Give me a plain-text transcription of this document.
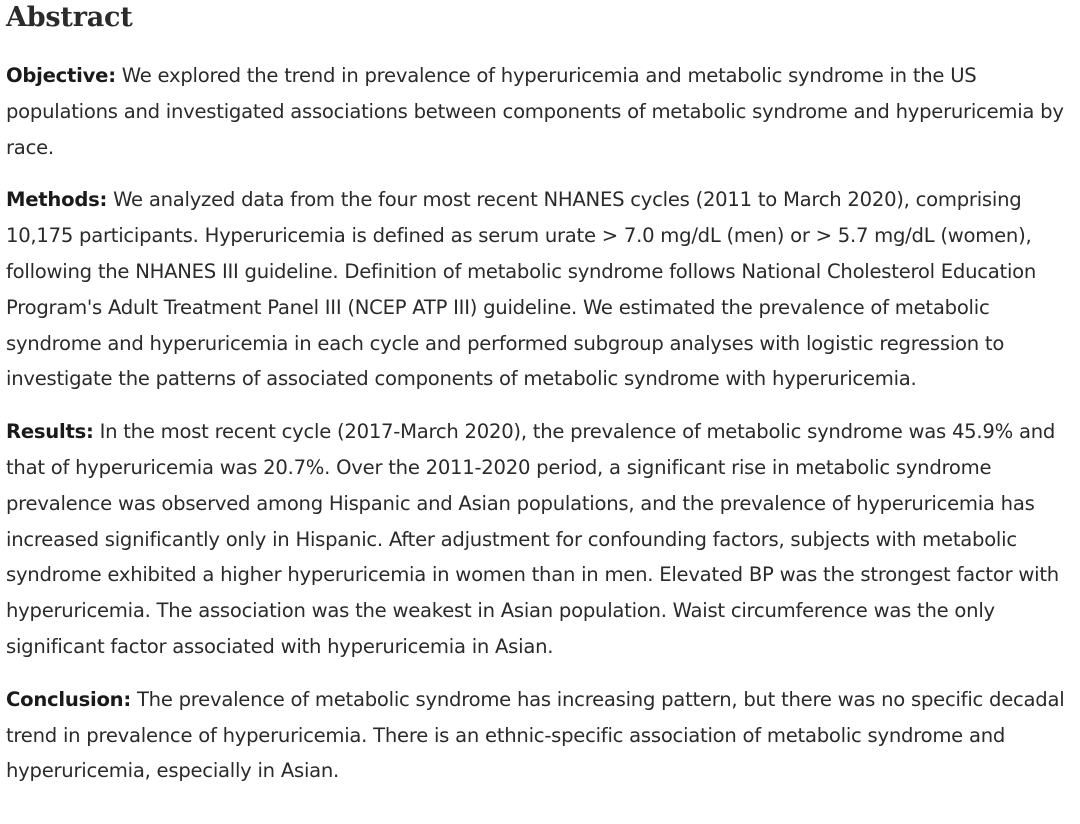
Abstract

Objective: We explored the trend in prevalence of hyperuricemia and metabolic syndrome in the US populations and investigated associations between components of metabolic syndrome and hyperuricemia by race.

Methods: We analyzed data from the four most recent NHANES cycles (2011 to March 2020), comprising 10,175 participants. Hyperuricemia is defined as serum urate > 7.0 mg/dL (men) or > 5.7 mg/dL (women), following the NHANES III guideline. Definition of metabolic syndrome follows National Cholesterol Education Program's Adult Treatment Panel III (NCEP ATP III) guideline. We estimated the prevalence of metabolic syndrome and hyperuricemia in each cycle and performed subgroup analyses with logistic regression to investigate the patterns of associated components of metabolic syndrome with hyperuricemia.

Results: In the most recent cycle (2017-March 2020), the prevalence of metabolic syndrome was 45.9% and that of hyperuricemia was 20.7%. Over the 2011-2020 period, a significant rise in metabolic syndrome prevalence was observed among Hispanic and Asian populations, and the prevalence of hyperuricemia has increased significantly only in Hispanic. After adjustment for confounding factors, subjects with metabolic syndrome exhibited a higher hyperuricemia in women than in men. Elevated BP was the strongest factor with hyperuricemia. The association was the weakest in Asian population. Waist circumference was the only significant factor associated with hyperuricemia in Asian.

Conclusion: The prevalence of metabolic syndrome has increasing pattern, but there was no specific decadal trend in prevalence of hyperuricemia. There is an ethnic-specific association of metabolic syndrome and hyperuricemia, especially in Asian.
